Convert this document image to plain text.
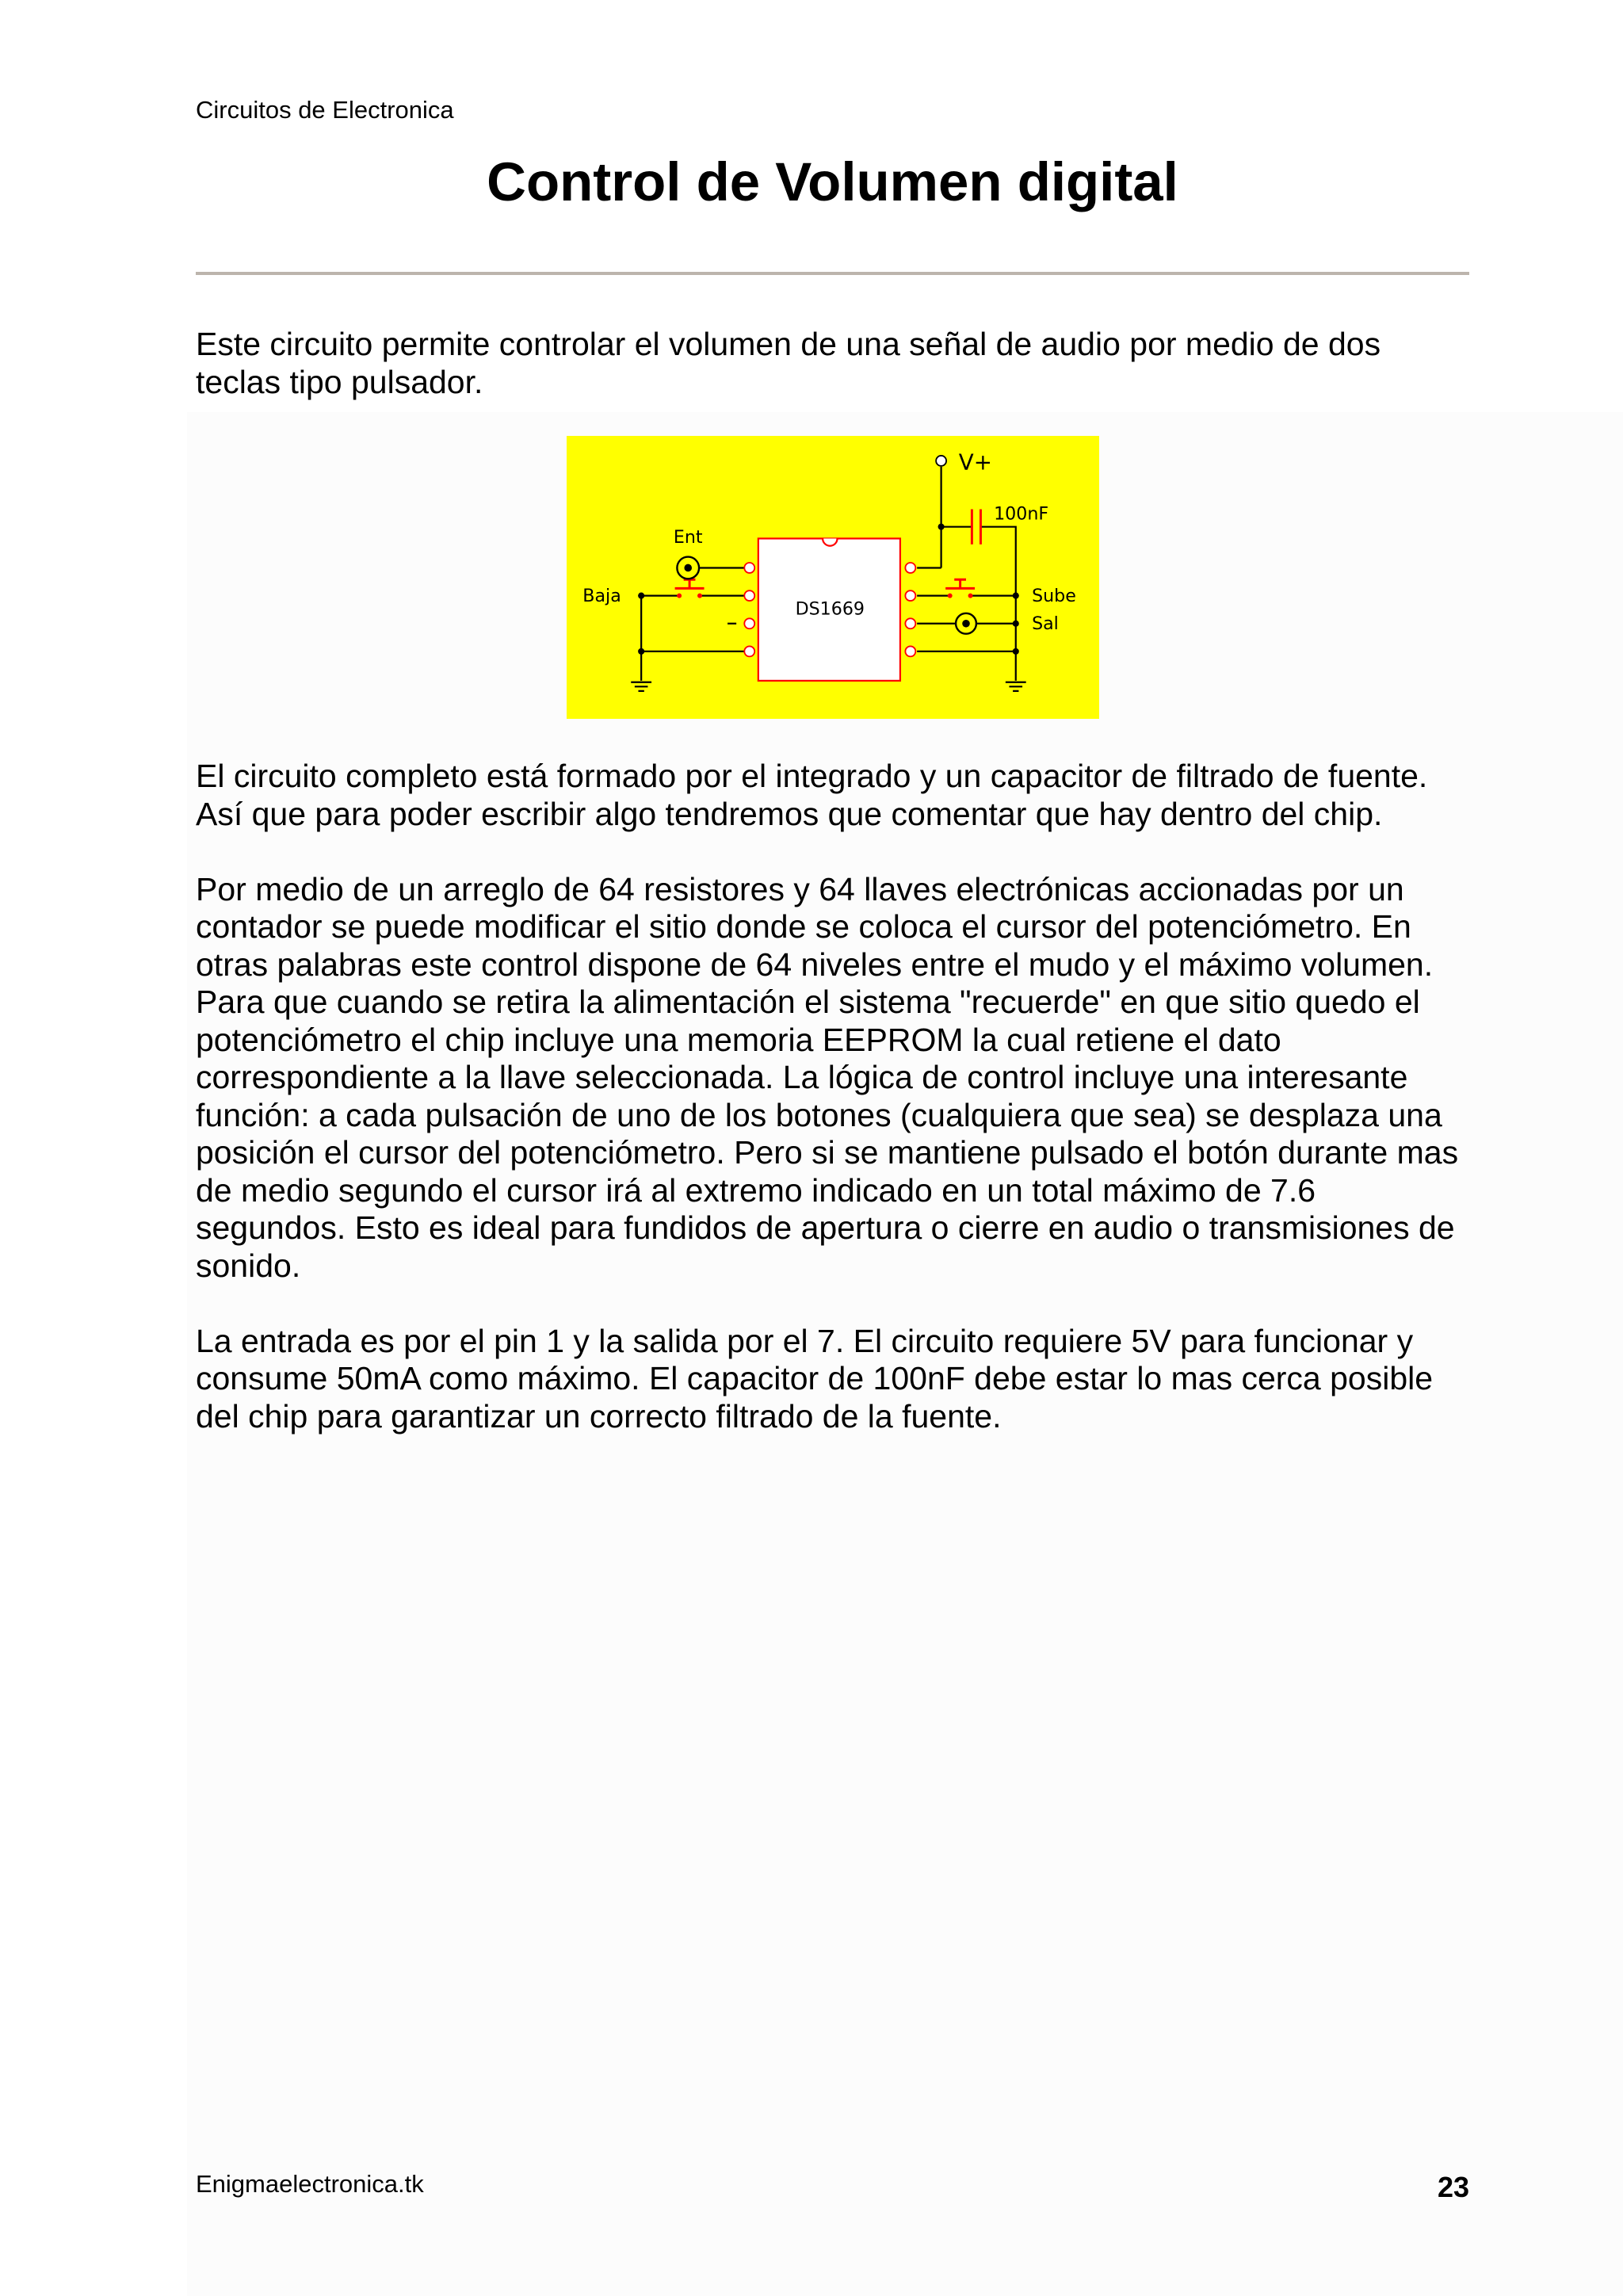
Circuitos de Electronica
Control de Volumen digital
Este circuito permite controlar el volumen de una señal de audio por medio de dos
teclas tipo pulsador.
V+
100nF
Ent
Baja
DS1669
Sube
Sal
El circuito completo está formado por el integrado y un capacitor de filtrado de fuente.
Así que para poder escribir algo tendremos que comentar que hay dentro del chip.
Por medio de un arreglo de 64 resistores y 64 llaves electrónicas accionadas por un
contador se puede modificar el sitio donde se coloca el cursor del potenciómetro. En
otras palabras este control dispone de 64 niveles entre el mudo y el máximo volumen.
Para que cuando se retira la alimentación el sistema "recuerde" en que sitio quedo el
potenciómetro el chip incluye una memoria EEPROM la cual retiene el dato
correspondiente a la llave seleccionada. La lógica de control incluye una interesante
función: a cada pulsación de uno de los botones (cualquiera que sea) se desplaza una
posición el cursor del potenciómetro. Pero si se mantiene pulsado el botón durante mas
de medio segundo el cursor irá al extremo indicado en un total máximo de 7.6
segundos. Esto es ideal para fundidos de apertura o cierre en audio o transmisiones de
sonido.
La entrada es por el pin 1 y la salida por el 7. El circuito requiere 5V para funcionar y
consume 50mA como máximo. El capacitor de 100nF debe estar lo mas cerca posible
del chip para garantizar un correcto filtrado de la fuente.
Enigmaelectronica.tk	23
